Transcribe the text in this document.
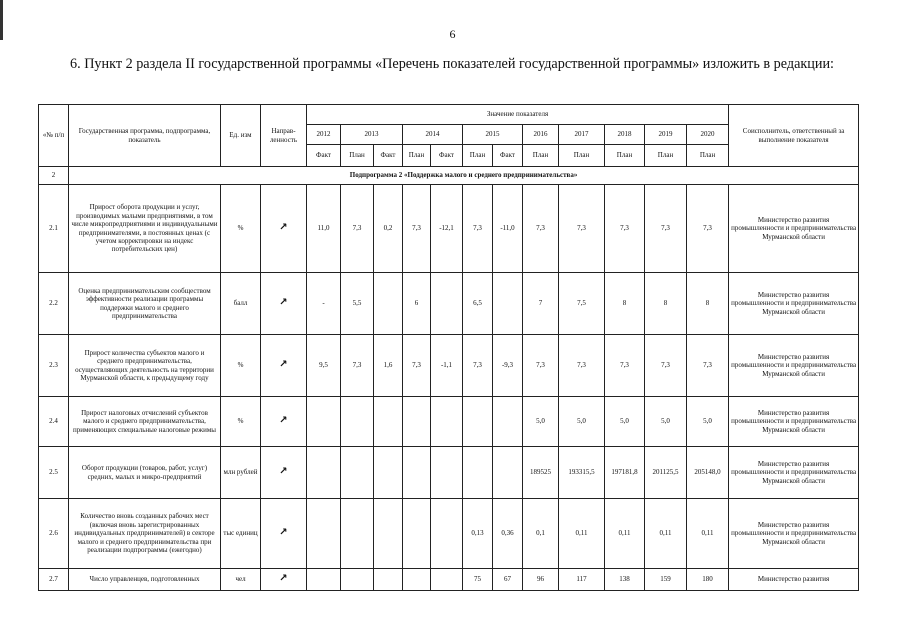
6
6. Пункт 2 раздела II государственной программы «Перечень показателей государственной программы» изложить в редакции:
«№ п/п	Государственная программа, подпрограмма, показатель	Ед. изм	Направ-ленность	Значение показателя												Соисполнитель, ответственный за выполнение показателя
				2012	2013		2014		2015		2016	2017	2018	2019	2020	
				Факт	План	Факт	План	Факт	План	Факт	План	План	План	План	План	
2	Подпрограмма 2 «Поддержка малого и среднего предпринимательства»															
2.1	Прирост оборота продукции и услуг, производимых малыми предприятиями, в том числе микропредприятиями и индивидуальными предпринимателями, в постоянных ценах (с учетом корректировки на индекс потребительских цен)	%	↗	11,0	7,3	0,2	7,3	-12,1	7,3	-11,0	7,3	7,3	7,3	7,3	7,3	Министерство развития промышленности и предпринимательства Мурманской области
2.2	Оценка предпринимательским сообществом эффективности реализации программы поддержки малого и среднего предпринимательства	балл	↗	-	5,5		6		6,5		7	7,5	8	8	8	Министерство развития промышленности и предпринимательства Мурманской области
2.3	Прирост количества субъектов малого и среднего предпринимательства, осуществляющих деятельность на территории Мурманской области, к предыдущему году	%	↗	9,5	7,3	1,6	7,3	-1,1	7,3	-9,3	7,3	7,3	7,3	7,3	7,3	Министерство развития промышленности и предпринимательства Мурманской области
2.4	Прирост налоговых отчислений субъектов малого и среднего предпринимательства, применяющих специальные налоговые режимы	%	↗								5,0	5,0	5,0	5,0	5,0	Министерство развития промышленности и предпринимательства Мурманской области
2.5	Оборот продукции (товаров, работ, услуг) средних, малых и микро-предприятий	млн рублей	↗								189525	193315,5	197181,8	201125,5	205148,0	Министерство развития промышленности и предпринимательства Мурманской области
2.6	Количество вновь созданных рабочих мест (включая вновь зарегистрированных индивидуальных предпринимателей) в секторе малого и среднего предпринимательства при реализации подпрограммы (ежегодно)	тыс единиц	↗						0,13	0,36	0,1	0,11	0,11	0,11	0,11	Министерство развития промышленности и предпринимательства Мурманской области
2.7	Число управленцев, подготовленных	чел	↗						75	67	96	117	138	159	180	Министерство развития
